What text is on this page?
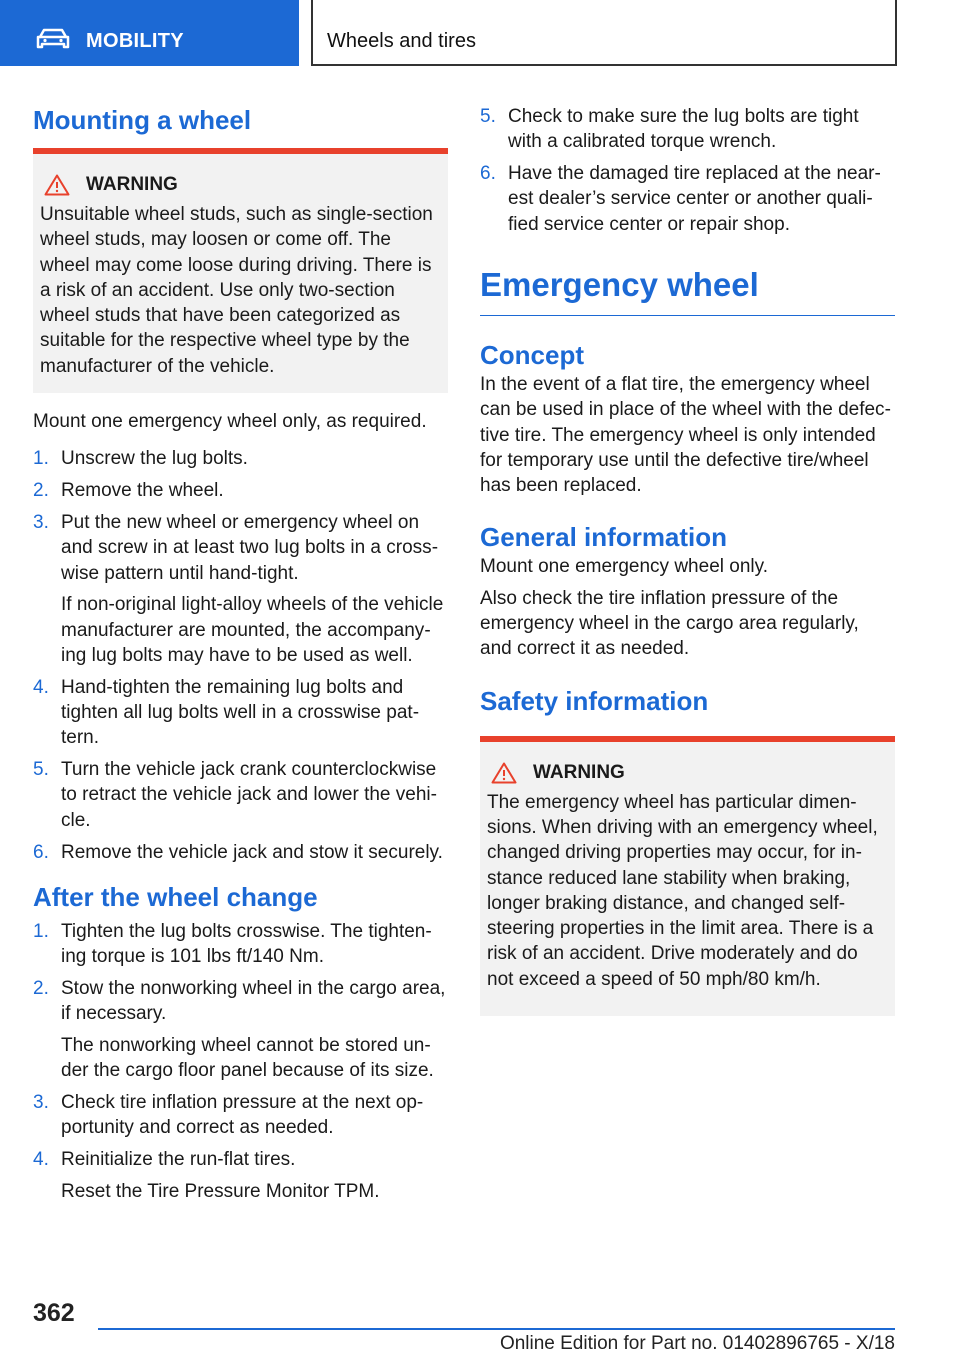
MOBILITY	Wheels and tires
Mounting a wheel
WARNING

Unsuitable wheel studs, such as single-section wheel studs, may loosen or come off. The wheel may come loose during driving. There is a risk of an accident. Use only two-section wheel studs that have been categorized as suitable for the respective wheel type by the manufacturer of the vehicle.

Mount one emergency wheel only, as required.

1. Unscrew the lug bolts.
2. Remove the wheel.
3. Put the new wheel or emergency wheel on and screw in at least two lug bolts in a crosswise pattern until hand-tight.
If non-original light-alloy wheels of the vehicle manufacturer are mounted, the accompanying lug bolts may have to be used as well.
4. Hand-tighten the remaining lug bolts and tighten all lug bolts well in a crosswise pattern.
5. Turn the vehicle jack crank counterclockwise to retract the vehicle jack and lower the vehicle.
6. Remove the vehicle jack and stow it securely.
After the wheel change
1. Tighten the lug bolts crosswise. The tightening torque is 101 lbs ft/140 Nm.
2. Stow the nonworking wheel in the cargo area, if necessary.
The nonworking wheel cannot be stored under the cargo floor panel because of its size.
3. Check tire inflation pressure at the next opportunity and correct as needed.
4. Reinitialize the run-flat tires.
Reset the Tire Pressure Monitor TPM.
5. Check to make sure the lug bolts are tight with a calibrated torque wrench.
6. Have the damaged tire replaced at the nearest dealer’s service center or another qualified service center or repair shop.
Emergency wheel
Concept

In the event of a flat tire, the emergency wheel can be used in place of the wheel with the defective tire. The emergency wheel is only intended for temporary use until the defective tire/wheel has been replaced.

General information

Mount one emergency wheel only.

Also check the tire inflation pressure of the emergency wheel in the cargo area regularly, and correct it as needed.

Safety information
WARNING

The emergency wheel has particular dimensions. When driving with an emergency wheel, changed driving properties may occur, for instance reduced lane stability when braking, longer braking distance, and changed self-steering properties in the limit area. There is a risk of an accident. Drive moderately and do not exceed a speed of 50 mph/80 km/h.

362
Online Edition for Part no. 01402896765 - X/18
